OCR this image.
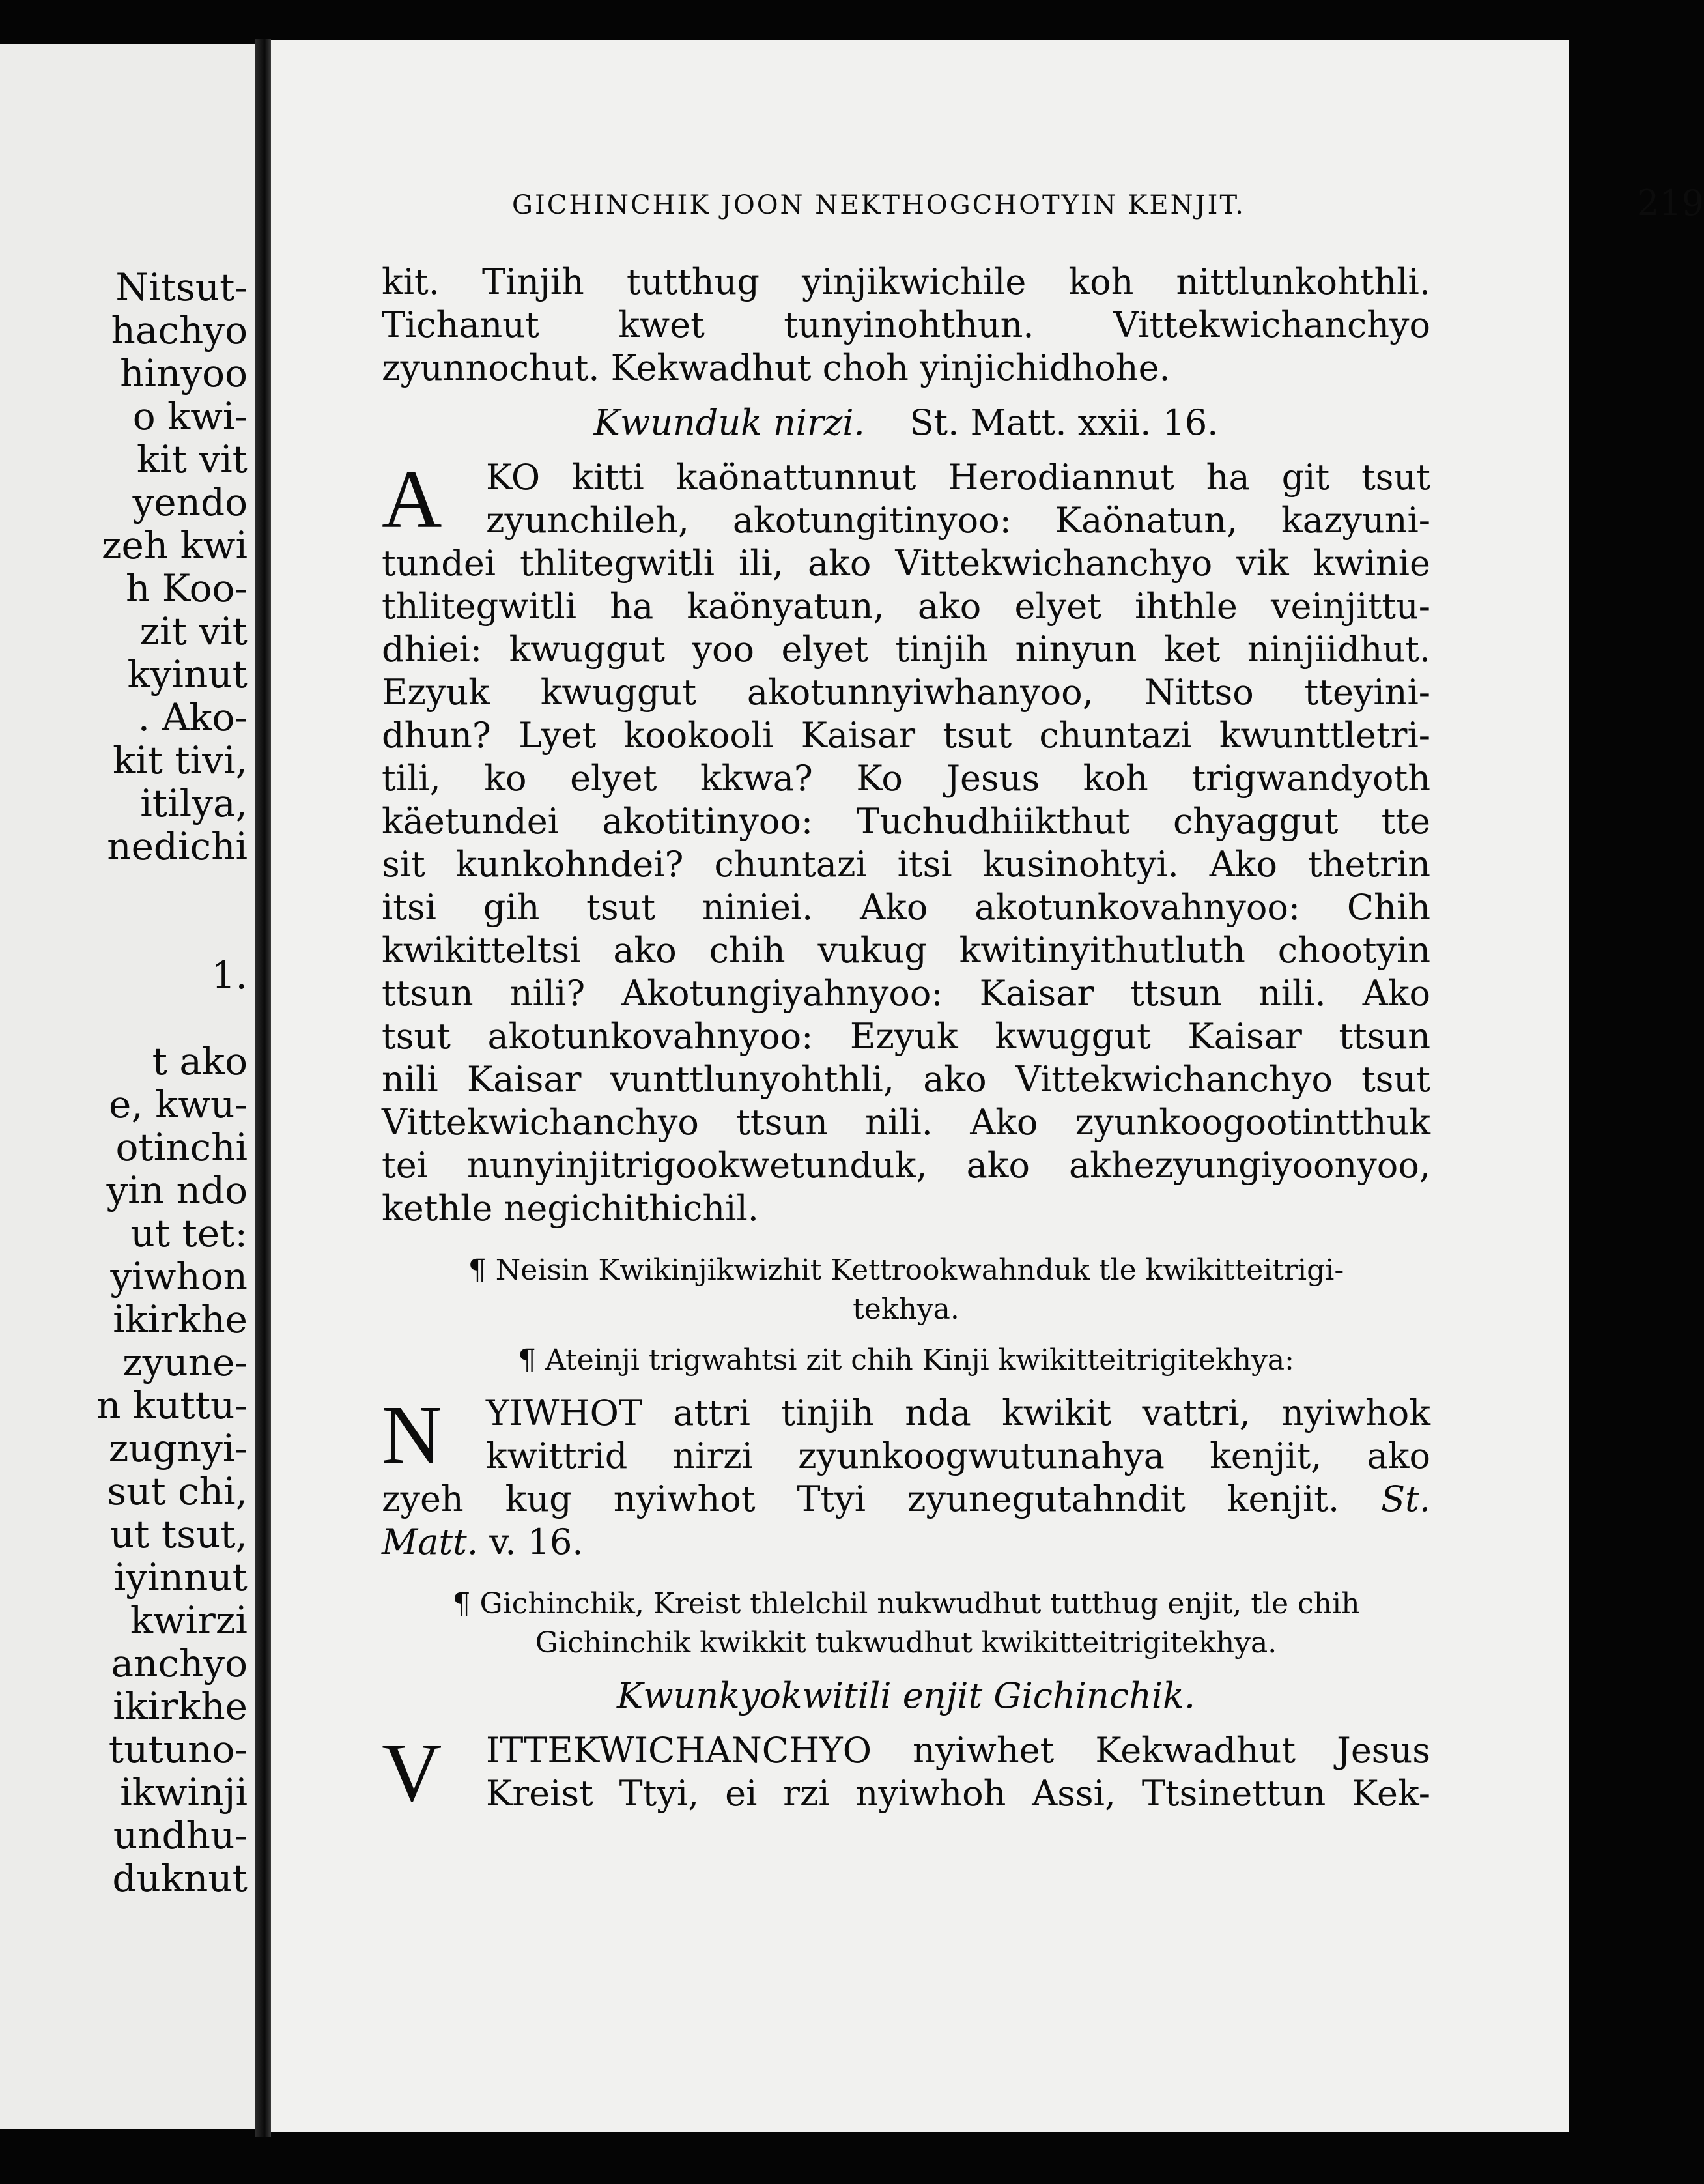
Nitsut-
hachyo
hinyoo
o kwi-
kit vit
yendo
zeh kwi
h Koo-
zit vit
kyinut
. Ako-
kit tivi,
itilya,
nedichi
1.
t ako
e, kwu-
otinchi
yin ndo
ut tet:
yiwhon
ikirkhe
zyune-
n kuttu-
zugnyi-
sut chi,
ut tsut,
iyinnut
kwirzi
anchyo
ikirkhe
tutuno-
ikwinji
undhu-
duknut
GICHINCHIK JOON NEKTHOGCHOTYIN KENJIT.	219
kit. Tinjih tutthug yinjikwichile koh nittlunkohthli.
Tichanut kwet tunyinohthun. Vittekwichanchyo
zyunnochut. Kekwadhut choh yinjichidhohe.
Kwunduk nirzi. St. Matt. xxii. 16.
A	KO kitti kaönattunnut Herodiannut ha git tsut
zyunchileh, akotungitinyoo: Kaönatun, kazyuni-
tundei thlitegwitli ili, ako Vittekwichanchyo vik kwinie
thlitegwitli ha kaönyatun, ako elyet ihthle veinjittu-
dhiei: kwuggut yoo elyet tinjih ninyun ket ninjiidhut.
Ezyuk kwuggut akotunnyiwhanyoo, Nittso tteyini-
dhun? Lyet kookooli Kaisar tsut chuntazi kwunttletri-
tili, ko elyet kkwa? Ko Jesus koh trigwandyoth
käetundei akotitinyoo: Tuchudhiikthut chyaggut tte
sit kunkohndei? chuntazi itsi kusinohtyi. Ako thetrin
itsi gih tsut niniei. Ako akotunkovahnyoo: Chih
kwikitteltsi ako chih vukug kwitinyithutluth chootyin
ttsun nili? Akotungiyahnyoo: Kaisar ttsun nili. Ako
tsut akotunkovahnyoo: Ezyuk kwuggut Kaisar ttsun
nili Kaisar vunttlunyohthli, ako Vittekwichanchyo tsut
Vittekwichanchyo ttsun nili. Ako zyunkoogootintthuk
tei nunyinjitrigookwetunduk, ako akhezyungiyoonyoo,
kethle negichithichil.
¶ Neisin Kwikinjikwizhit Kettrookwahnduk tle kwikitteitrigi-
tekhya.
¶ Ateinji trigwahtsi zit chih Kinji kwikitteitrigitekhya:
N	YIWHOT attri tinjih nda kwikit vattri, nyiwhok
kwittrid nirzi zyunkoogwutunahya kenjit, ako
zyeh kug nyiwhot Ttyi zyunegutahndit kenjit. St.
Matt. v. 16.
¶ Gichinchik, Kreist thlelchil nukwudhut tutthug enjit, tle chih
Gichinchik kwikkit tukwudhut kwikitteitrigitekhya.
Kwunkyokwitili enjit Gichinchik.
V	ITTEKWICHANCHYO nyiwhet Kekwadhut Jesus
Kreist Ttyi, ei rzi nyiwhoh Assi, Ttsinettun Kek-
